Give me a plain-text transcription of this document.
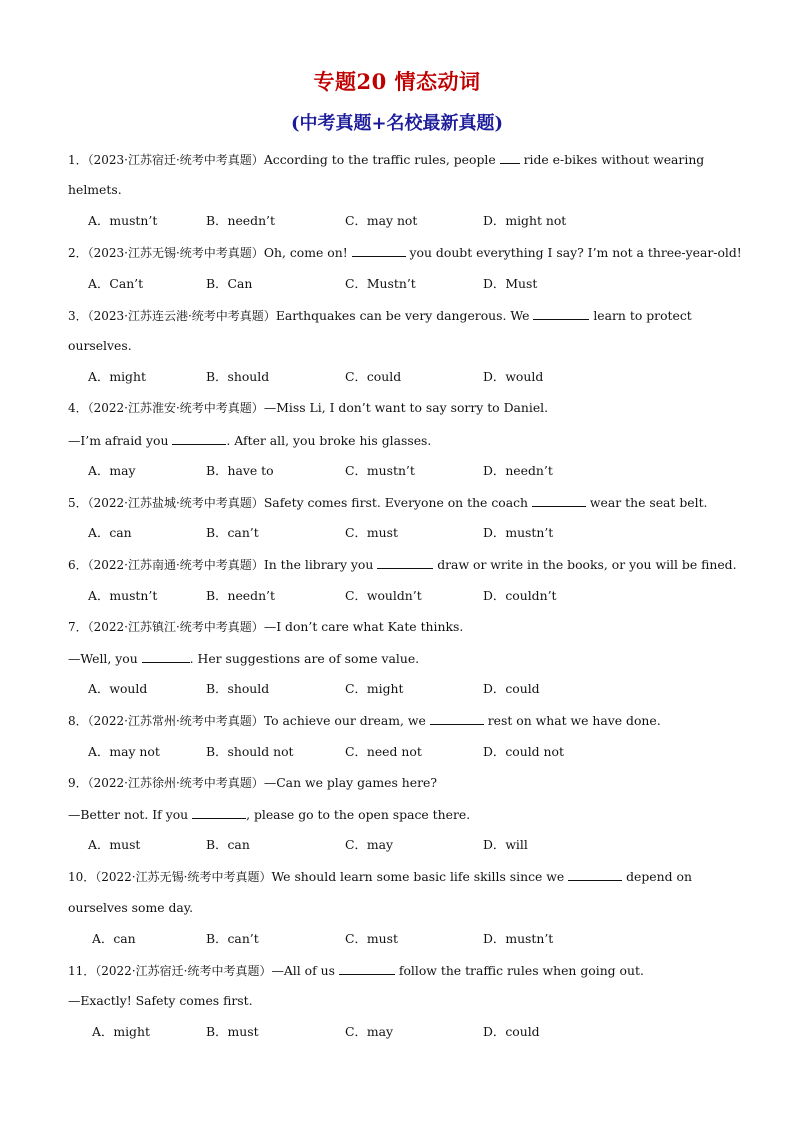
专题20 情态动词
(中考真题+名校最新真题)
1．（2023·江苏宿迁·统考中考真题）According to the traffic rules, people  ride e-bikes without wearing
helmets.
A．mustn’t	B．needn’t	C．may not	D．might not
2．（2023·江苏无锡·统考中考真题）Oh, come on!	you doubt everything I say? I’m not a three-year-old!
A．Can’t	B．Can	C．Mustn’t	D．Must
3．（2023·江苏连云港·统考中考真题）Earthquakes can be very dangerous. We	learn to protect
ourselves.
A．might	B．should	C．could	D．would
4．（2022·江苏淮安·统考中考真题）—Miss Li, I don’t want to say sorry to Daniel.
—I’m afraid you	. After all, you broke his glasses.
A．may	B．have to	C．mustn’t	D．needn’t
5．（2022·江苏盐城·统考中考真题）Safety comes first. Everyone on the coach	wear the seat belt.
A．can	B．can’t	C．must	D．mustn’t
6．（2022·江苏南通·统考中考真题）In the library you	draw or write in the books, or you will be fined.
A．mustn’t	B．needn’t	C．wouldn’t	D．couldn’t
7．（2022·江苏镇江·统考中考真题）—I don’t care what Kate thinks.
—Well, you	. Her suggestions are of some value.
A．would	B．should	C．might	D．could
8．（2022·江苏常州·统考中考真题）To achieve our dream, we	rest on what we have done.
A．may not	B．should not	C．need not	D．could not
9．（2022·江苏徐州·统考中考真题）—Can we play games here?
—Better not. If you	, please go to the open space there.
A．must	B．can	C．may	D．will
10．（2022·江苏无锡·统考中考真题）We should learn some basic life skills since we	depend on
ourselves some day.
A．can	B．can’t	C．must	D．mustn’t
11．（2022·江苏宿迁·统考中考真题）—All of us	follow the traffic rules when going out.
—Exactly! Safety comes first.
A．might	B．must	C．may	D．could
